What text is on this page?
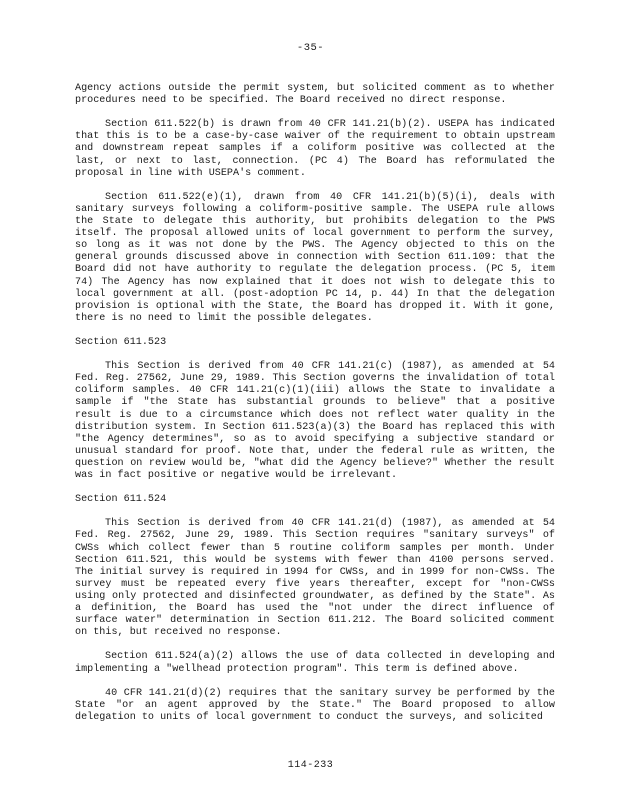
-35-

Agency actions outside the permit system, but solicited comment as to whether procedures need to be specified. The Board received no direct response.

Section 611.522(b) is drawn from 40 CFR 141.21(b)(2). USEPA has indicated that this is to be a case-by-case waiver of the requirement to obtain upstream and downstream repeat samples if a coliform positive was collected at the last, or next to last, connection. (PC 4) The Board has reformulated the proposal in line with USEPA's comment.

Section 611.522(e)(1), drawn from 40 CFR 141.21(b)(5)(i), deals with sanitary surveys following a coliform-positive sample. The USEPA rule allows the State to delegate this authority, but prohibits delegation to the PWS itself. The proposal allowed units of local government to perform the survey, so long as it was not done by the PWS. The Agency objected to this on the general grounds discussed above in connection with Section 611.109: that the Board did not have authority to regulate the delegation process. (PC 5, item 74) The Agency has now explained that it does not wish to delegate this to local government at all. (post-adoption PC 14, p. 44) In that the delegation provision is optional with the State, the Board has dropped it. With it gone, there is no need to limit the possible delegates.

Section 611.523

This Section is derived from 40 CFR 141.21(c) (1987), as amended at 54 Fed. Reg. 27562, June 29, 1989. This Section governs the invalidation of total coliform samples. 40 CFR 141.21(c)(1)(iii) allows the State to invalidate a sample if "the State has substantial grounds to believe" that a positive result is due to a circumstance which does not reflect water quality in the distribution system. In Section 611.523(a)(3) the Board has replaced this with "the Agency determines", so as to avoid specifying a subjective standard or unusual standard for proof. Note that, under the federal rule as written, the question on review would be, "what did the Agency believe?" Whether the result was in fact positive or negative would be irrelevant.

Section 611.524

This Section is derived from 40 CFR 141.21(d) (1987), as amended at 54 Fed. Reg. 27562, June 29, 1989. This Section requires "sanitary surveys" of CWSs which collect fewer than 5 routine coliform samples per month. Under Section 611.521, this would be systems with fewer than 4100 persons served. The initial survey is required in 1994 for CWSs, and in 1999 for non-CWSs. The survey must be repeated every five years thereafter, except for "non-CWSs using only protected and disinfected groundwater, as defined by the State". As a definition, the Board has used the "not under the direct influence of surface water" determination in Section 611.212. The Board solicited comment on this, but received no response.

Section 611.524(a)(2) allows the use of data collected in developing and implementing a "wellhead protection program". This term is defined above.

40 CFR 141.21(d)(2) requires that the sanitary survey be performed by the State "or an agent approved by the State." The Board proposed to allow delegation to units of local government to conduct the surveys, and solicited

114-233
